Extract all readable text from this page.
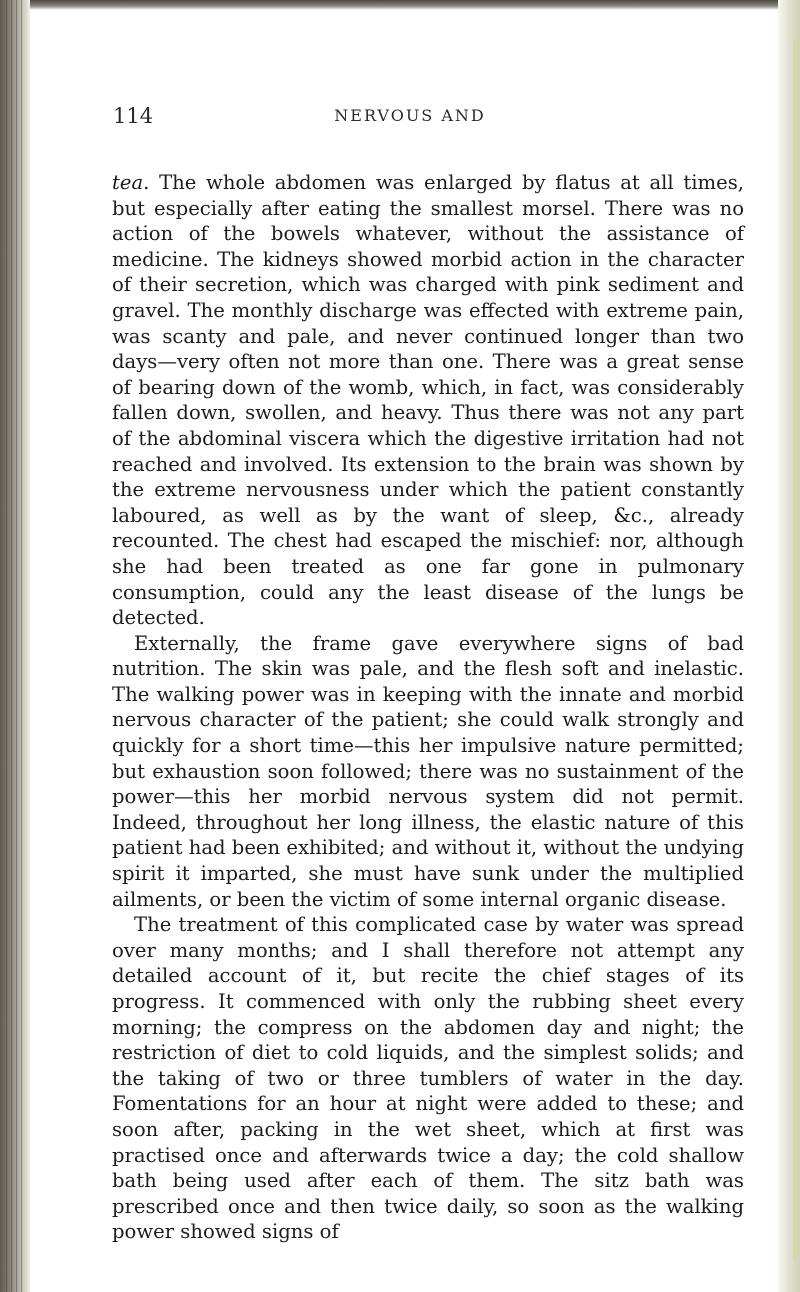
114	NERVOUS AND

tea. The whole abdomen was enlarged by flatus at all times, but especially after eating the smallest morsel. There was no action of the bowels whatever, without the assistance of medicine. The kidneys showed morbid action in the character of their secretion, which was charged with pink sediment and gravel. The monthly discharge was effected with extreme pain, was scanty and pale, and never continued longer than two days—very often not more than one. There was a great sense of bearing down of the womb, which, in fact, was considerably fallen down, swollen, and heavy. Thus there was not any part of the abdominal viscera which the digestive irritation had not reached and involved. Its extension to the brain was shown by the extreme nervousness under which the patient constantly laboured, as well as by the want of sleep, &c., already recounted. The chest had escaped the mischief: nor, although she had been treated as one far gone in pulmonary consumption, could any the least disease of the lungs be detected.

Externally, the frame gave everywhere signs of bad nutrition. The skin was pale, and the flesh soft and inelastic. The walking power was in keeping with the innate and morbid nervous character of the patient; she could walk strongly and quickly for a short time—this her impulsive nature permitted; but exhaustion soon followed; there was no sustainment of the power—this her morbid nervous system did not permit. Indeed, throughout her long illness, the elastic nature of this patient had been exhibited; and without it, without the undying spirit it imparted, she must have sunk under the multiplied ailments, or been the victim of some internal organic disease.

The treatment of this complicated case by water was spread over many months; and I shall therefore not attempt any detailed account of it, but recite the chief stages of its progress. It commenced with only the rubbing sheet every morning; the compress on the abdomen day and night; the restriction of diet to cold liquids, and the simplest solids; and the taking of two or three tumblers of water in the day. Fomentations for an hour at night were added to these; and soon after, packing in the wet sheet, which at first was practised once and afterwards twice a day; the cold shallow bath being used after each of them. The sitz bath was prescribed once and then twice daily, so soon as the walking power showed signs of
